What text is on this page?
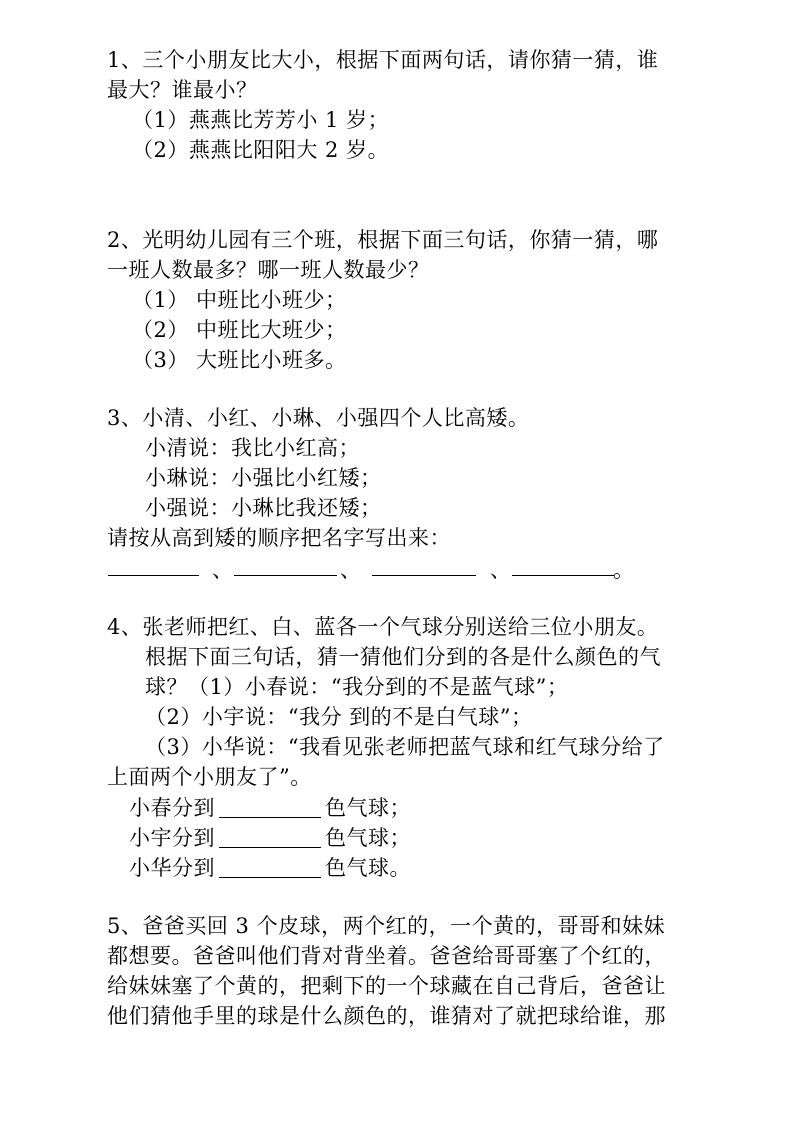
1、三个小朋友比大小，根据下面两句话，请你猜一猜，谁
最大？谁最小？
（1）燕燕比芳芳小 1 岁；
（2）燕燕比阳阳大 2 岁。
2、光明幼儿园有三个班，根据下面三句话，你猜一猜，哪
一班人数最多？哪一班人数最少？
（1） 中班比小班少；
（2） 中班比大班少；
（3） 大班比小班多。
3、小清、小红、小琳、小强四个人比高矮。
小清说：我比小红高；
小琳说：小强比小红矮；
小强说：小琳比我还矮；
请按从高到矮的顺序把名字写出来：
、	、	、	。
4、张老师把红、白、蓝各一个气球分别送给三位小朋友。
根据下面三句话，猜一猜他们分到的各是什么颜色的气
球？（1）小春说：“我分到的不是蓝气球”；
（2）小宇说：“我分 到的不是白气球”；
（3）小华说：“我看见张老师把蓝气球和红气球分给了
上面两个小朋友了”。
小春分到	色气球；
小宇分到	色气球；
小华分到	色气球。
5、爸爸买回 3 个皮球，两个红的，一个黄的，哥哥和妹妹
都想要。爸爸叫他们背对背坐着。爸爸给哥哥塞了个红的，
给妹妹塞了个黄的，把剩下的一个球藏在自己背后，爸爸让
他们猜他手里的球是什么颜色的，谁猜对了就把球给谁，那
